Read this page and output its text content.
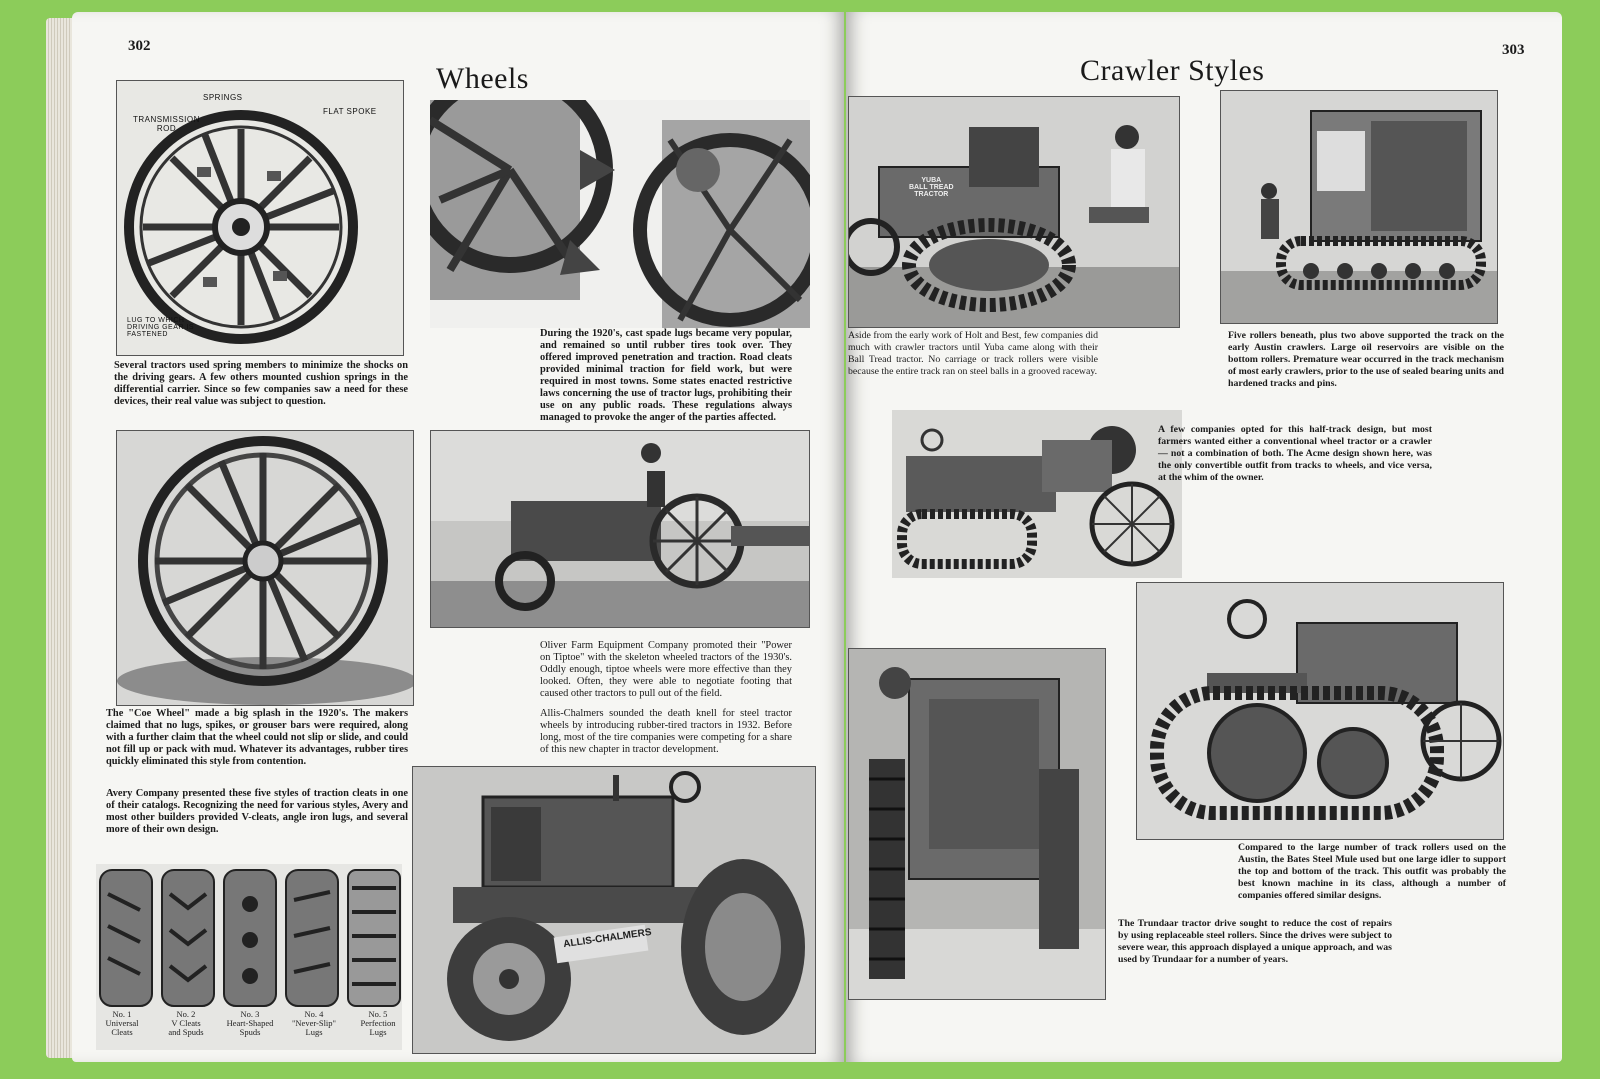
302
Wheels
SPRINGS
TRANSMISSION
ROD
FLAT SPOKE
LUG TO WHICH
DRIVING GEAR IS
FASTENED
Several tractors used spring members to minimize the shocks on the driving gears. A few others mounted cushion springs in the differential carrier. Since so few companies saw a need for these devices, their real value was subject to question.
During the 1920's, cast spade lugs became very popular, and remained so until rubber tires took over. They offered improved penetration and traction. Road cleats provided minimal traction for field work, but were required in most towns. Some states enacted restrictive laws concerning the use of tractor lugs, prohibiting their use on any public roads. These regulations always managed to provoke the anger of the parties affected.
Oliver Farm Equipment Company promoted their "Power on Tiptoe" with the skeleton wheeled tractors of the 1930's. Oddly enough, tiptoe wheels were more effective than they looked. Often, they were able to negotiate footing that caused other tractors to pull out of the field.
Allis-Chalmers sounded the death knell for steel tractor wheels by introducing rubber-tired tractors in 1932. Before long, most of the tire companies were competing for a share of this new chapter in tractor development.
The "Coe Wheel" made a big splash in the 1920's. The makers claimed that no lugs, spikes, or grouser bars were required, along with a further claim that the wheel could not slip or slide, and could not fill up or pack with mud. Whatever its advantages, rubber tires quickly eliminated this style from contention.
Avery Company presented these five styles of traction cleats in one of their catalogs. Recognizing the need for various styles, Avery and most other builders provided V-cleats, angle iron lugs, and several more of their own design.
No. 1
Universal
Cleats
No. 2
V Cleats
and Spuds
No. 3
Heart-Shaped
Spuds
No. 4
"Never-Slip"
Lugs
No. 5
Perfection
Lugs
ALLIS-CHALMERS
303
Crawler Styles
YUBA
BALL TREAD
TRACTOR
Aside from the early work of Holt and Best, few companies did much with crawler tractors until Yuba came along with their Ball Tread tractor. No carriage or track rollers were visible because the entire track ran on steel balls in a grooved raceway.
Five rollers beneath, plus two above supported the track on the early Austin crawlers. Large oil reservoirs are visible on the bottom rollers. Premature wear occurred in the track mechanism of most early crawlers, prior to the use of sealed bearing units and hardened tracks and pins.
A few companies opted for this half-track design, but most farmers wanted either a conventional wheel tractor or a crawler — not a combination of both. The Acme design shown here, was the only convertible outfit from tracks to wheels, and vice versa, at the whim of the owner.
Compared to the large number of track rollers used on the Austin, the Bates Steel Mule used but one large idler to support the top and bottom of the track. This outfit was probably the best known machine in its class, although a number of companies offered similar designs.
The Trundaar tractor drive sought to reduce the cost of repairs by using replaceable steel rollers. Since the drives were subject to severe wear, this approach displayed a unique approach, and was used by Trundaar for a number of years.
